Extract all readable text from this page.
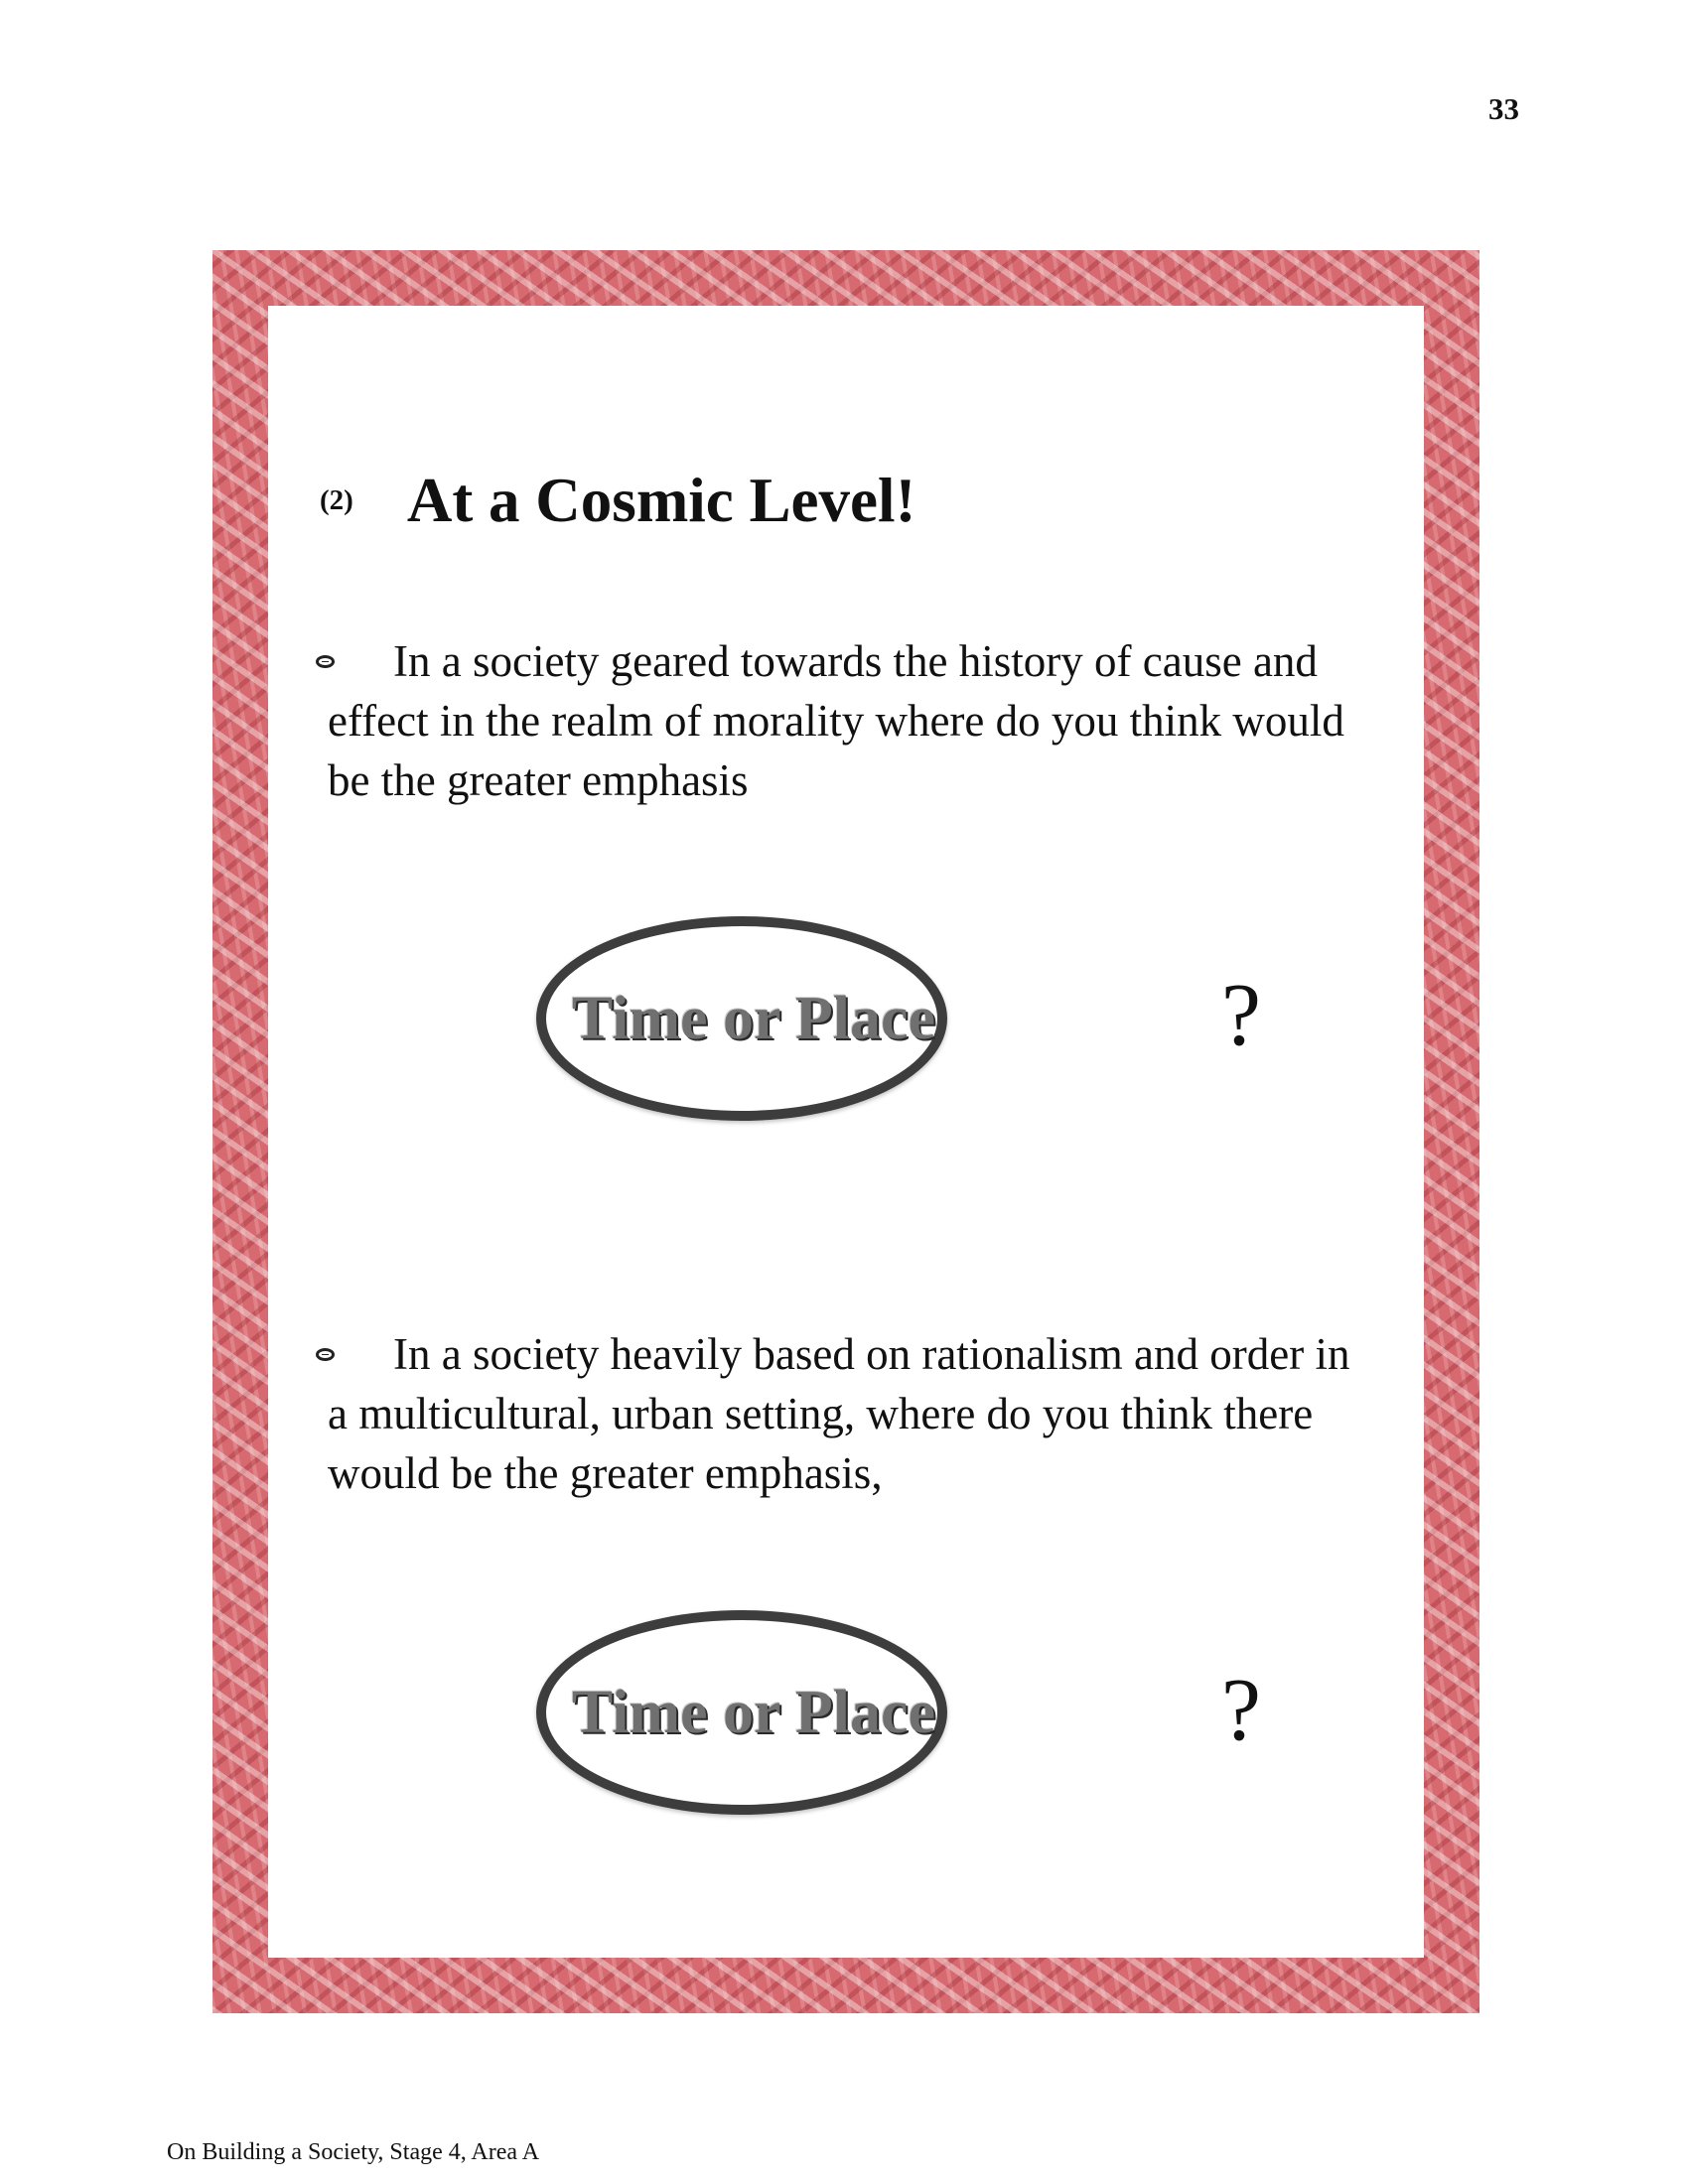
33
(2) At a Cosmic Level!
In a society geared towards the history of cause and effect in the realm of morality where do you think would be the greater emphasis
Time or Place	?
In a society heavily based on rationalism and order in a multicultural, urban setting, where do you think there would be the greater emphasis,
Time or Place	?
On Building a Society, Stage 4, Area A
